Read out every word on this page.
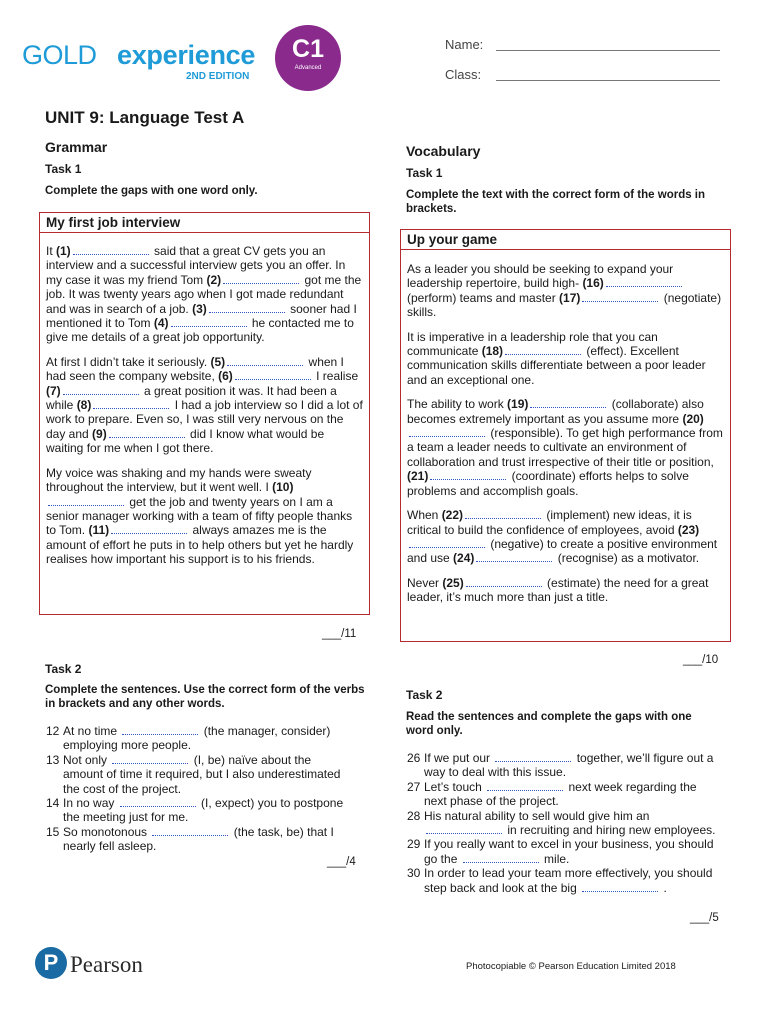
GOLD experience
2ND EDITION
C1
Advanced
Name:
Class:
UNIT 9: Language Test A
Grammar
Task 1
Complete the gaps with one word only.
My first job interview

It (1)	said that a great CV gets you an interview and a successful interview gets you an offer. In my case it was my friend Tom (2)	got me the job. It was twenty years ago when I got made redundant and was in search of a job. (3)	sooner had I mentioned it to Tom (4)	he contacted me to give me details of a great job opportunity.

At first I didn’t take it seriously. (5)	when I had seen the company website, (6)	I realise (7)	a great position it was. It had been a while (8)	I had a job interview so I did a lot of work to prepare. Even so, I was still very nervous on the day and (9)	did I know what would be waiting for me when I got there.

My voice was shaking and my hands were sweaty throughout the interview, but it went well. I (10) get the job and twenty years on I am a senior manager working with a team of fifty people thanks to Tom. (11)	always amazes me is the amount of effort he puts in to help others but yet he hardly realises how important his support is to his friends.

___/11
Task 2
Complete the sentences. Use the correct form of the verbs in brackets and any other words.
12 At no time	(the manager, consider) employing more people.
13 Not only	(I, be) naïve about the amount of time it required, but I also underestimated the cost of the project.
14 In no way	(I, expect) you to postpone the meeting just for me.
15 So monotonous	(the task, be) that I nearly fell asleep.
___/4
Vocabulary
Task 1
Complete the text with the correct form of the words in brackets.
Up your game

As a leader you should be seeking to expand your leadership repertoire, build high- (16) (perform) teams and master (17)	(negotiate) skills.

It is imperative in a leadership role that you can communicate (18)	(effect). Excellent communication skills differentiate between a poor leader and an exceptional one.

The ability to work (19)	(collaborate) also becomes extremely important as you assume more (20) (responsible). To get high performance from a team a leader needs to cultivate an environment of collaboration and trust irrespective of their title or position, (21)	(coordinate) efforts helps to solve problems and accomplish goals.

When (22)	(implement) new ideas, it is critical to build the confidence of employees, avoid (23) (negative) to create a positive environment and use (24)	(recognise) as a motivator.

Never (25)	(estimate) the need for a great leader, it’s much more than just a title.

___/10
Task 2
Read the sentences and complete the gaps with one word only.
26 If we put our	together, we’ll figure out a way to deal with this issue.
27 Let’s touch	next week regarding the next phase of the project.
28 His natural ability to sell would give him an  in recruiting and hiring new employees.
29 If you really want to excel in your business, you should go the	mile.
30 In order to lead your team more effectively, you should step back and look at the big	.
___/5
P Pearson	Photocopiable © Pearson Education Limited 2018
